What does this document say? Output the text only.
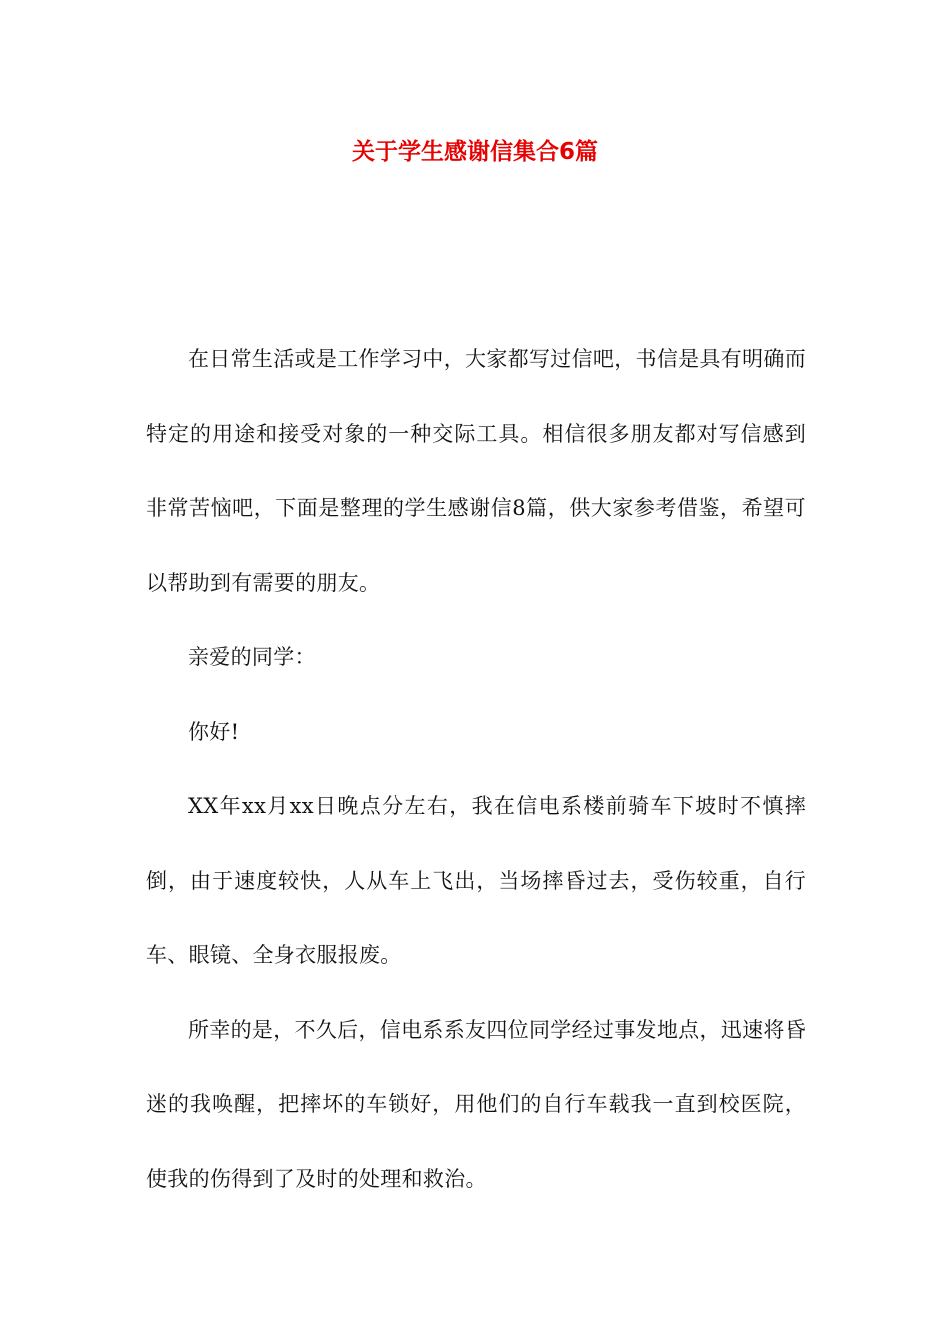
关于学生感谢信集合6篇

在日常生活或是工作学习中，大家都写过信吧，书信是具有明确而特定的用途和接受对象的一种交际工具。相信很多朋友都对写信感到非常苦恼吧，下面是整理的学生感谢信8篇，供大家参考借鉴，希望可以帮助到有需要的朋友。

亲爱的同学：

你好!

XX年xx月xx日晚点分左右，我在信电系楼前骑车下坡时不慎摔倒，由于速度较快，人从车上飞出，当场摔昏过去，受伤较重，自行车、眼镜、全身衣服报废。

所幸的是，不久后，信电系系友四位同学经过事发地点，迅速将昏迷的我唤醒，把摔坏的车锁好，用他们的自行车载我一直到校医院，使我的伤得到了及时的处理和救治。
